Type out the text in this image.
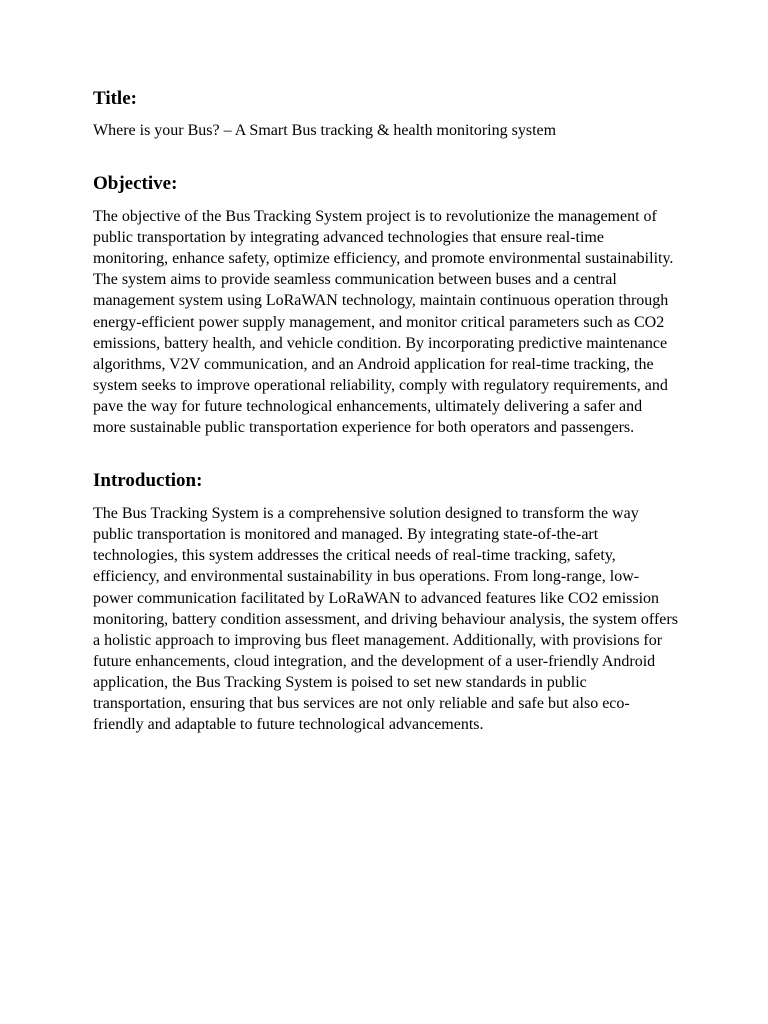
Title:

Where is your Bus? – A Smart Bus tracking & health monitoring system

Objective:

The objective of the Bus Tracking System project is to revolutionize the management of public transportation by integrating advanced technologies that ensure real-time monitoring, enhance safety, optimize efficiency, and promote environmental sustainability. The system aims to provide seamless communication between buses and a central management system using LoRaWAN technology, maintain continuous operation through energy-efficient power supply management, and monitor critical parameters such as CO2 emissions, battery health, and vehicle condition. By incorporating predictive maintenance algorithms, V2V communication, and an Android application for real-time tracking, the system seeks to improve operational reliability, comply with regulatory requirements, and pave the way for future technological enhancements, ultimately delivering a safer and more sustainable public transportation experience for both operators and passengers.

Introduction:

The Bus Tracking System is a comprehensive solution designed to transform the way public transportation is monitored and managed. By integrating state-of-the-art technologies, this system addresses the critical needs of real-time tracking, safety, efficiency, and environmental sustainability in bus operations. From long-range, low-power communication facilitated by LoRaWAN to advanced features like CO2 emission monitoring, battery condition assessment, and driving behaviour analysis, the system offers a holistic approach to improving bus fleet management. Additionally, with provisions for future enhancements, cloud integration, and the development of a user-friendly Android application, the Bus Tracking System is poised to set new standards in public transportation, ensuring that bus services are not only reliable and safe but also eco-friendly and adaptable to future technological advancements.
